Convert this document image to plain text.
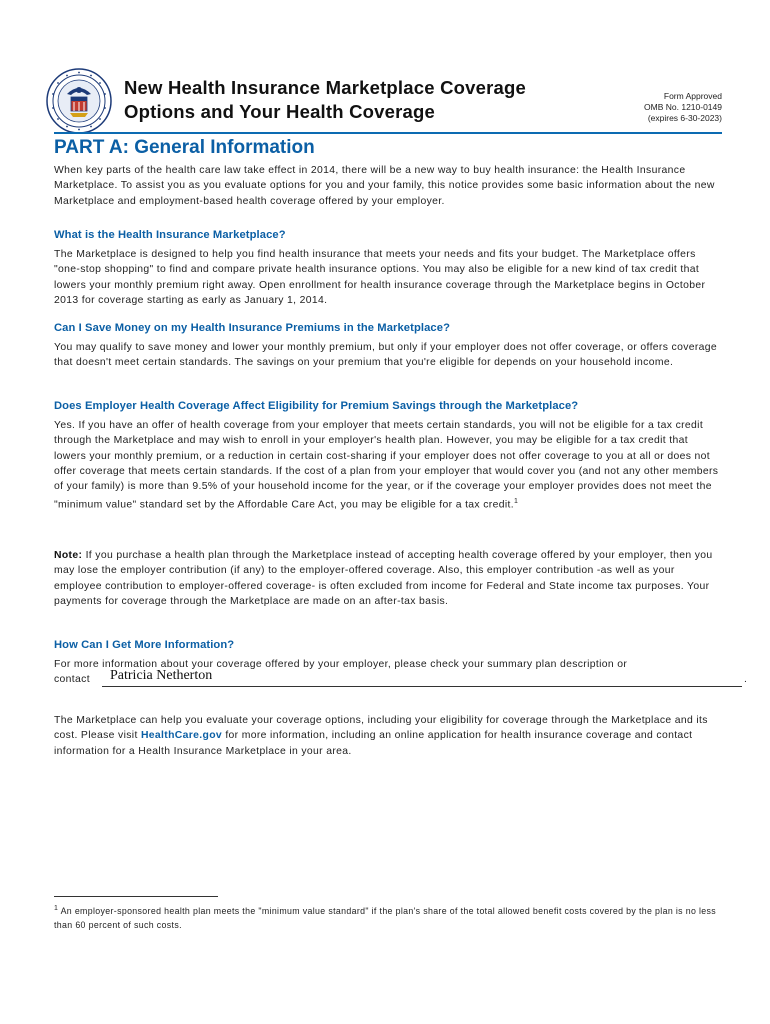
New Health Insurance Marketplace Coverage
Options and Your Health Coverage
Form Approved
OMB No. 1210-0149
(expires 6-30-2023)
PART A: General Information

When key parts of the health care law take effect in 2014, there will be a new way to buy health insurance: the Health Insurance Marketplace. To assist you as you evaluate options for you and your family, this notice provides some basic information about the new Marketplace and employment-based health coverage offered by your employer.

What is the Health Insurance Marketplace?

The Marketplace is designed to help you find health insurance that meets your needs and fits your budget. The Marketplace offers "one-stop shopping" to find and compare private health insurance options. You may also be eligible for a new kind of tax credit that lowers your monthly premium right away. Open enrollment for health insurance coverage through the Marketplace begins in October 2013 for coverage starting as early as January 1, 2014.

Can I Save Money on my Health Insurance Premiums in the Marketplace?

You may qualify to save money and lower your monthly premium, but only if your employer does not offer coverage, or offers coverage that doesn't meet certain standards. The savings on your premium that you're eligible for depends on your household income.

Does Employer Health Coverage Affect Eligibility for Premium Savings through the Marketplace?

Yes. If you have an offer of health coverage from your employer that meets certain standards, you will not be eligible for a tax credit through the Marketplace and may wish to enroll in your employer's health plan. However, you may be eligible for a tax credit that lowers your monthly premium, or a reduction in certain cost-sharing if your employer does not offer coverage to you at all or does not offer coverage that meets certain standards. If the cost of a plan from your employer that would cover you (and not any other members of your family) is more than 9.5% of your household income for the year, or if the coverage your employer provides does not meet the "minimum value" standard set by the Affordable Care Act, you may be eligible for a tax credit.$^1$

Note: If you purchase a health plan through the Marketplace instead of accepting health coverage offered by your employer, then you may lose the employer contribution (if any) to the employer-offered coverage. Also, this employer contribution -as well as your employee contribution to employer-offered coverage- is often excluded from income for Federal and State income tax purposes. Your payments for coverage through the Marketplace are made on an after-tax basis.

How Can I Get More Information?

For more information about your coverage offered by your employer, please check your summary plan description or

contact Patricia Netherton	.

The Marketplace can help you evaluate your coverage options, including your eligibility for coverage through the Marketplace and its cost. Please visit HealthCare.gov for more information, including an online application for health insurance coverage and contact information for a Health Insurance Marketplace in your area.

$^1$ An employer-sponsored health plan meets the "minimum value standard" if the plan's share of the total allowed benefit costs covered by the plan is no less than 60 percent of such costs.
